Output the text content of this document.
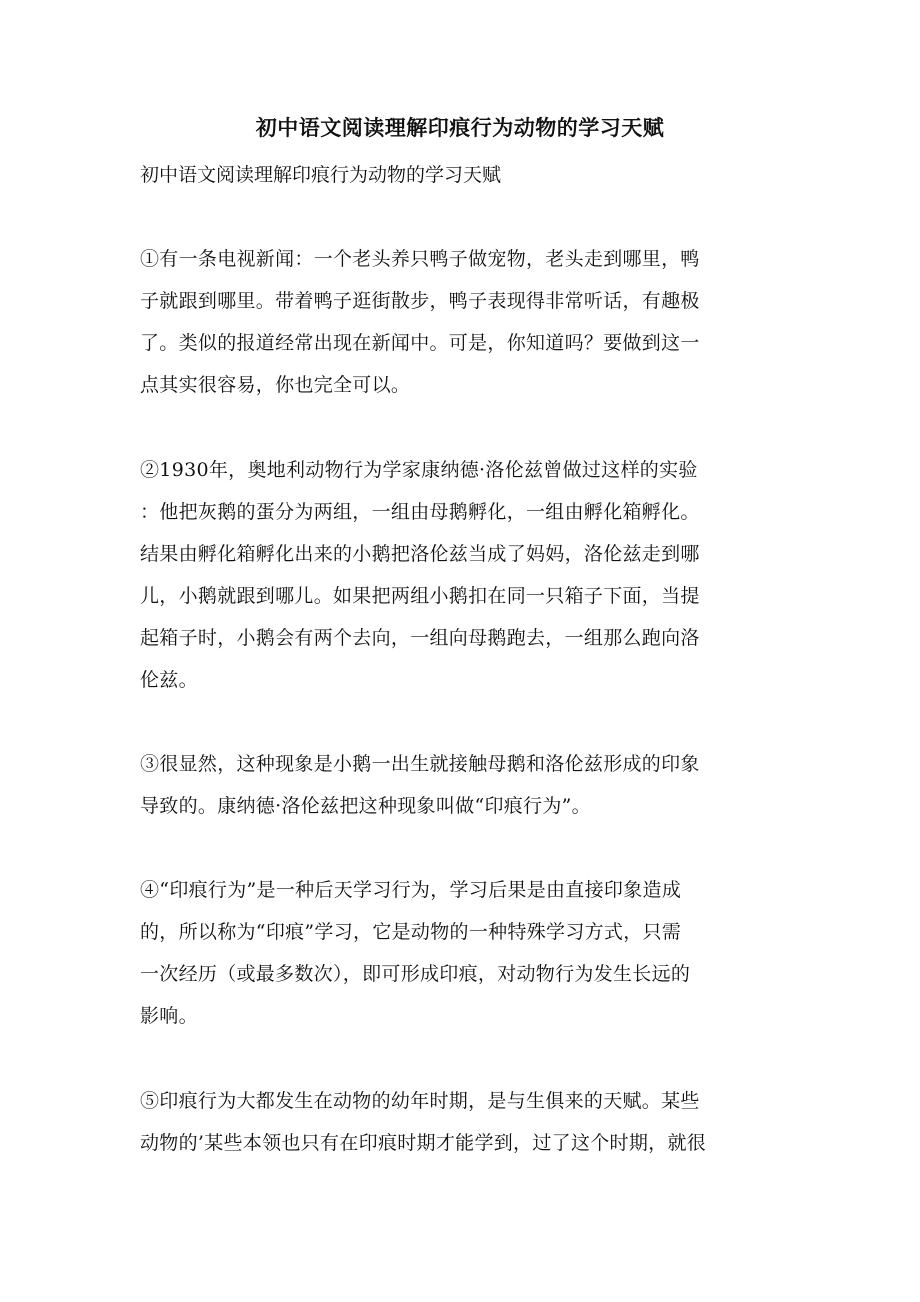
初中语文阅读理解印痕行为动物的学习天赋
初中语文阅读理解印痕行为动物的学习天赋
①有一条电视新闻：一个老头养只鸭子做宠物，老头走到哪里，鸭
子就跟到哪里。带着鸭子逛街散步，鸭子表现得非常听话，有趣极
了。类似的报道经常出现在新闻中。可是，你知道吗？要做到这一
点其实很容易，你也完全可以。
②1930年，奥地利动物行为学家康纳德·洛伦兹曾做过这样的实验
：他把灰鹅的蛋分为两组，一组由母鹅孵化，一组由孵化箱孵化。
结果由孵化箱孵化出来的小鹅把洛伦兹当成了妈妈，洛伦兹走到哪
儿，小鹅就跟到哪儿。如果把两组小鹅扣在同一只箱子下面，当提
起箱子时，小鹅会有两个去向，一组向母鹅跑去，一组那么跑向洛
伦兹。
③很显然，这种现象是小鹅一出生就接触母鹅和洛伦兹形成的印象
导致的。康纳德·洛伦兹把这种现象叫做“印痕行为”。
④“印痕行为”是一种后天学习行为，学习后果是由直接印象造成
的，所以称为“印痕”学习，它是动物的一种特殊学习方式，只需
一次经历（或最多数次），即可形成印痕，对动物行为发生长远的
影响。
⑤印痕行为大都发生在动物的幼年时期，是与生俱来的天赋。某些
动物的’某些本领也只有在印痕时期才能学到，过了这个时期，就很
